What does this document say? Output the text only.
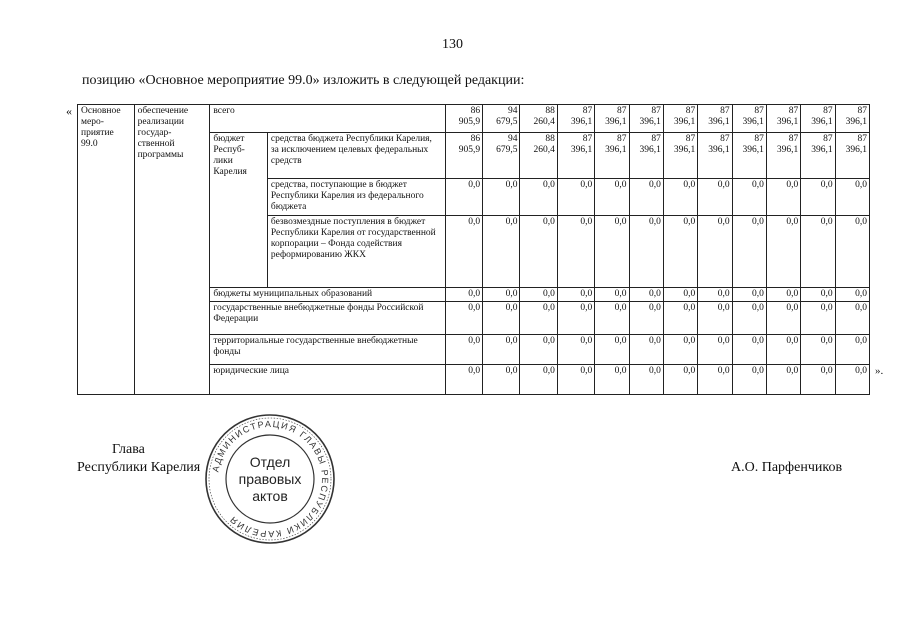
130
позицию «Основное мероприятие 99.0» изложить в следующей редакции:
« Основное меро-приятие 99.0	обеспечение реализации государ-ственной программы	всего		86 905,9	94 679,5	88 260,4	87 396,1	87 396,1	87 396,1	87 396,1	87 396,1	87 396,1	87 396,1	87 396,1	87 396,1
		бюджет Респуб-лики Карелия	средства бюджета Республики Карелия, за исключением целевых федеральных средств	86 905,9	94 679,5	88 260,4	87 396,1	87 396,1	87 396,1	87 396,1	87 396,1	87 396,1	87 396,1	87 396,1	87 396,1
			средства, поступающие в бюджет Республики Карелия из федерального бюджета	0,0	0,0	0,0	0,0	0,0	0,0	0,0	0,0	0,0	0,0	0,0	0,0
			безвозмездные поступления в бюджет Республики Карелия от государственной корпорации – Фонда содействия реформированию ЖКХ	0,0	0,0	0,0	0,0	0,0	0,0	0,0	0,0	0,0	0,0	0,0	0,0
		бюджеты муниципальных образований		0,0	0,0	0,0	0,0	0,0	0,0	0,0	0,0	0,0	0,0	0,0	0,0
		государственные внебюджетные фонды Российской Федерации		0,0	0,0	0,0	0,0	0,0	0,0	0,0	0,0	0,0	0,0	0,0	0,0
		территориальные государственные внебюджетные фонды		0,0	0,0	0,0	0,0	0,0	0,0	0,0	0,0	0,0	0,0	0,0	0,0
		юридические лица		0,0	0,0	0,0	0,0	0,0	0,0	0,0	0,0	0,0	0,0	0,0	0,0 ».
Глава
Республики Карелия	А.О. Парфенчиков
АДМИНИСТРАЦИЯ ГЛАВЫ РЕСПУБЛИКИ КАРЕЛИЯ
Отдел
правовых
актов
